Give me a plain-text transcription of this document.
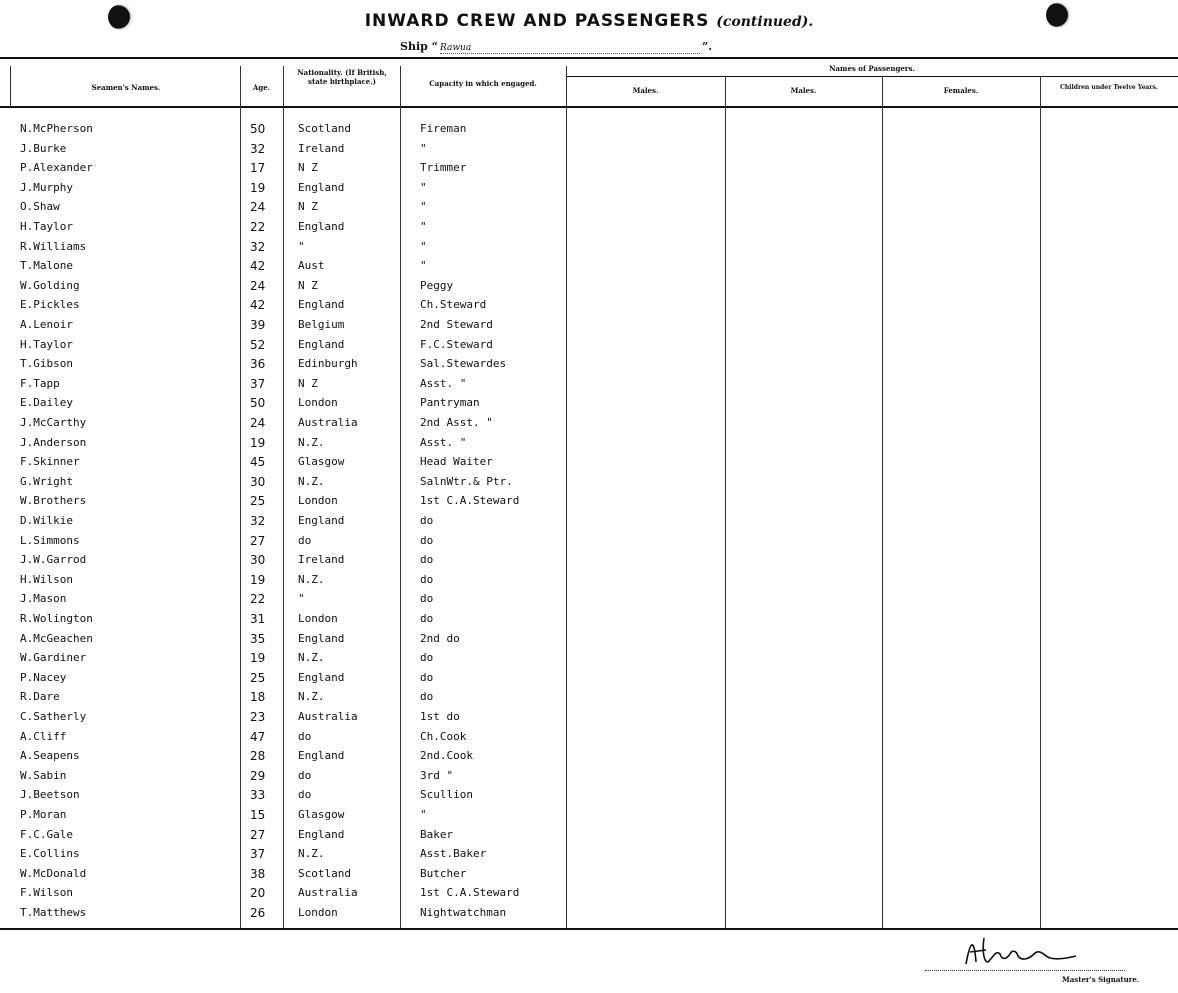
INWARD CREW AND PASSENGERS (continued).
Ship “ Rawua	”.
Seamen's Names.	Age.
Nationality. (If British, state birthplace.)	Capacity in which engaged.
Names of Passengers.
Males.	Males.	Females.	Children under Twelve Years.
N.McPherson	50	Scotland	Fireman
J.Burke	32	Ireland	"
P.Alexander	17	N Z	Trimmer
J.Murphy	19	England	"
O.Shaw	24	N Z	"
H.Taylor	22	England	"
R.Williams	32	"	"
T.Malone	42	Aust	"
W.Golding	24	N Z	Peggy
E.Pickles	42	England	Ch.Steward
A.Lenoir	39	Belgium	2nd Steward
H.Taylor	52	England	F.C.Steward
T.Gibson	36	Edinburgh	Sal.Stewardes
F.Tapp	37	N Z	Asst. "
E.Dailey	50	London	Pantryman
J.McCarthy	24	Australia	2nd Asst. "
J.Anderson	19	N.Z.	Asst. "
F.Skinner	45	Glasgow	Head Waiter
G.Wright	30	N.Z.	SalnWtr.& Ptr.
W.Brothers	25	London	1st C.A.Steward
D.Wilkie	32	England	do
L.Simmons	27	do	do
J.W.Garrod	30	Ireland	do
H.Wilson	19	N.Z.	do
J.Mason	22	"	do
R.Wolington	31	London	do
A.McGeachen	35	England	2nd do
W.Gardiner	19	N.Z.	do
P.Nacey	25	England	do
R.Dare	18	N.Z.	do
C.Satherly	23	Australia	1st do
A.Cliff	47	do	Ch.Cook
A.Seapens	28	England	2nd.Cook
W.Sabin	29	do	3rd "
J.Beetson	33	do	Scullion
P.Moran	15	Glasgow	"
F.C.Gale	27	England	Baker
E.Collins	37	N.Z.	Asst.Baker
W.McDonald	38	Scotland	Butcher
F.Wilson	20	Australia	1st C.A.Steward
T.Matthews	26	London	Nightwatchman
H.Fletcher
Master's Signature.
